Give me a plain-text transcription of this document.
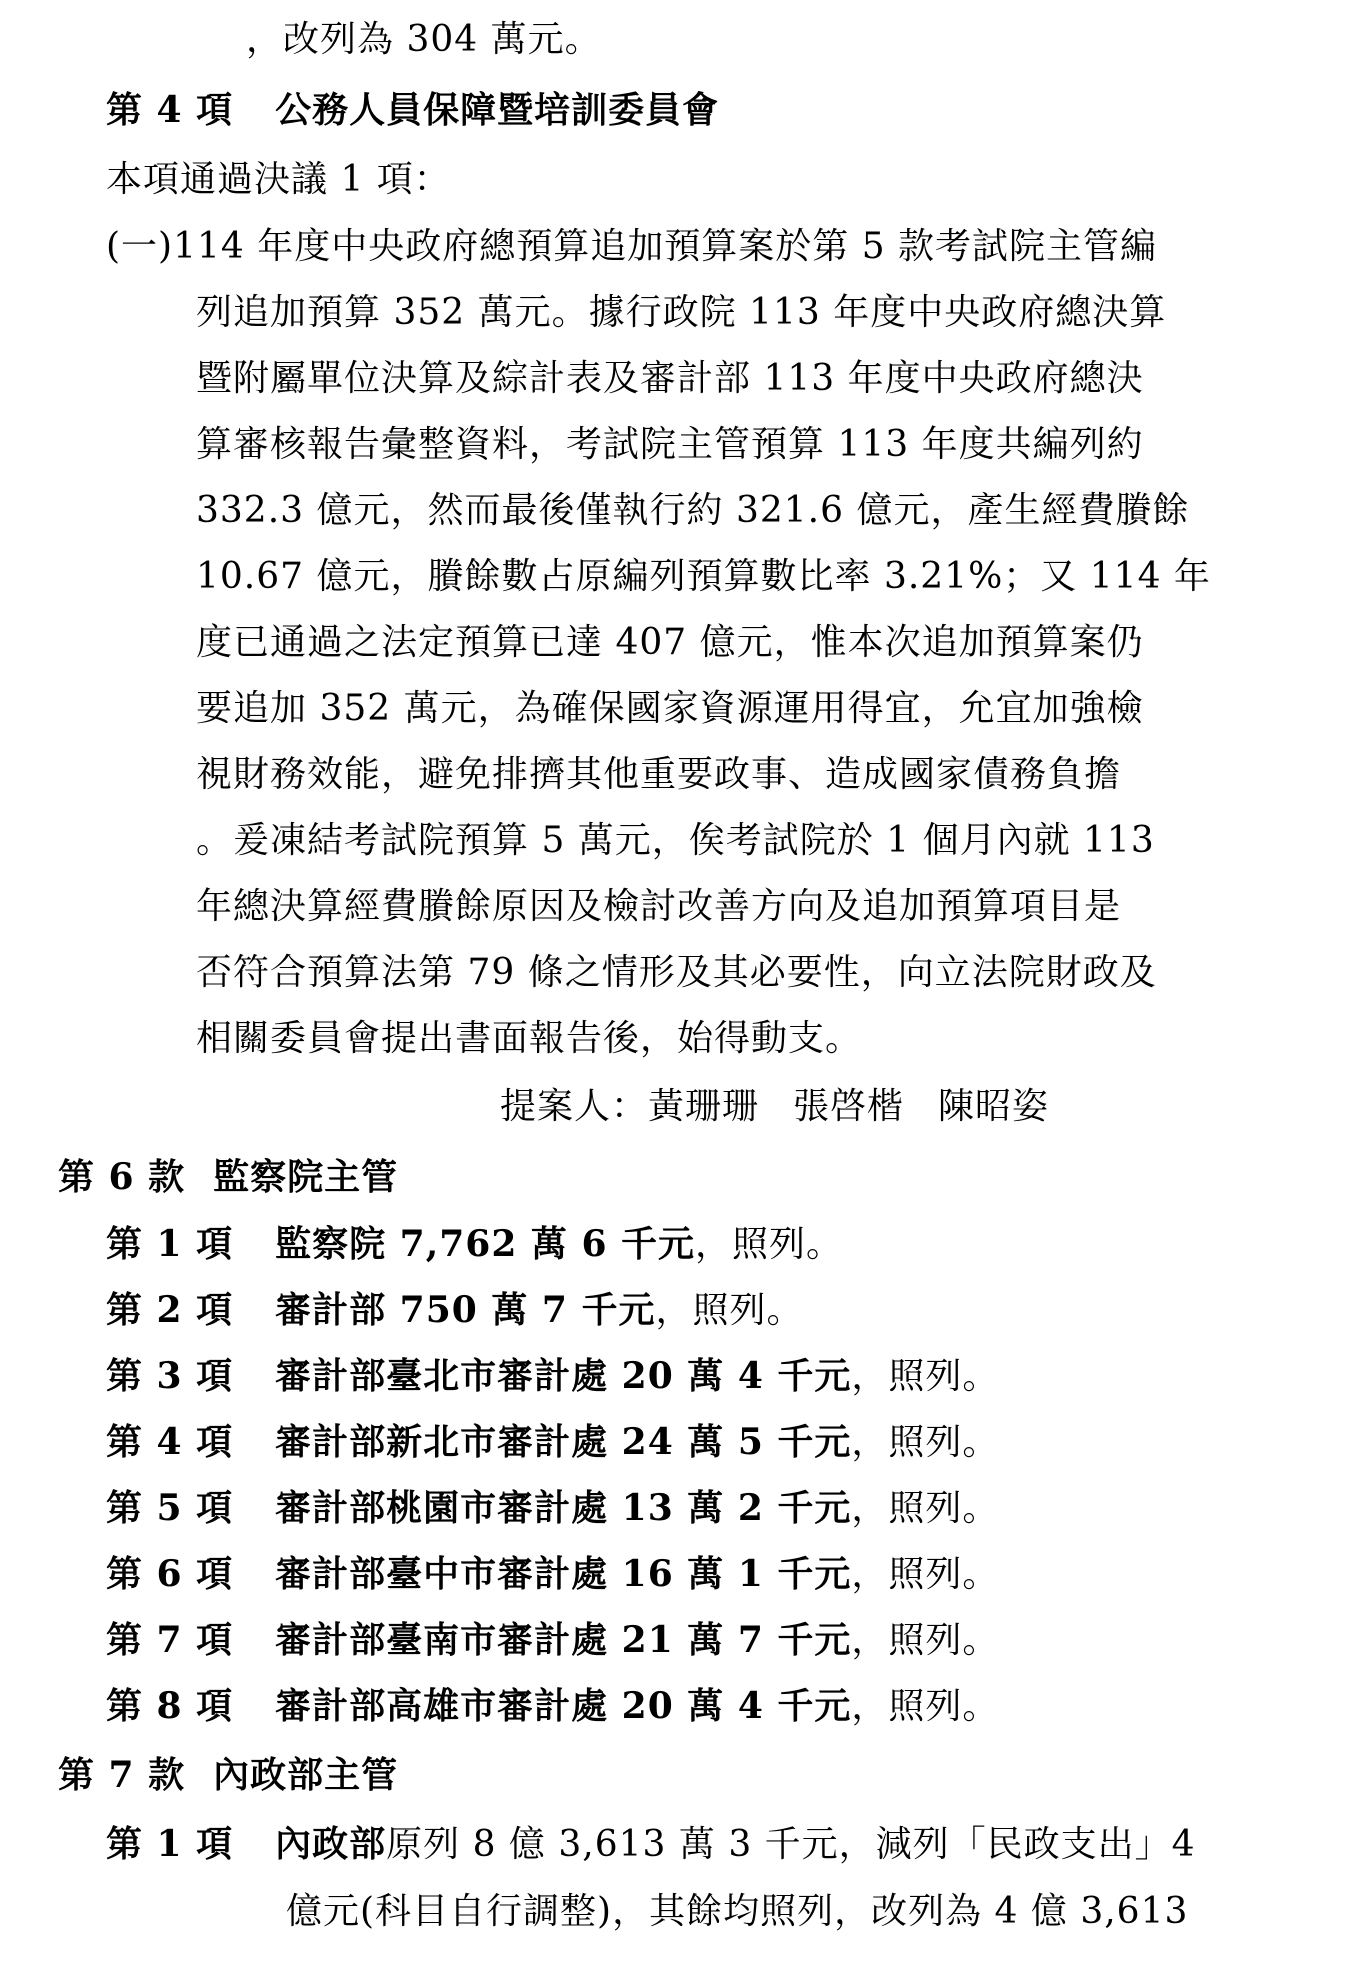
，改列為 304 萬元。
第 4 項 公務人員保障暨培訓委員會
本項通過決議 1 項：
(一)114 年度中央政府總預算追加預算案於第 5 款考試院主管編
列追加預算 352 萬元。據行政院 113 年度中央政府總決算
暨附屬單位決算及綜計表及審計部 113 年度中央政府總決
算審核報告彙整資料，考試院主管預算 113 年度共編列約
332.3 億元，然而最後僅執行約 321.6 億元，產生經費賸餘
10.67 億元，賸餘數占原編列預算數比率 3.21%；又 114 年
度已通過之法定預算已達 407 億元，惟本次追加預算案仍
要追加 352 萬元，為確保國家資源運用得宜，允宜加強檢
視財務效能，避免排擠其他重要政事、造成國家債務負擔
。爰凍結考試院預算 5 萬元，俟考試院於 1 個月內就 113
年總決算經費賸餘原因及檢討改善方向及追加預算項目是
否符合預算法第 79 條之情形及其必要性，向立法院財政及
相關委員會提出書面報告後，始得動支。
提案人：黃珊珊 張啓楷 陳昭姿
第 6 款 監察院主管
第 1 項 監察院 7,762 萬 6 千元，照列。
第 2 項 審計部 750 萬 7 千元，照列。
第 3 項 審計部臺北市審計處 20 萬 4 千元，照列。
第 4 項 審計部新北市審計處 24 萬 5 千元，照列。
第 5 項 審計部桃園市審計處 13 萬 2 千元，照列。
第 6 項 審計部臺中市審計處 16 萬 1 千元，照列。
第 7 項 審計部臺南市審計處 21 萬 7 千元，照列。
第 8 項 審計部高雄市審計處 20 萬 4 千元，照列。
第 7 款 內政部主管
第 1 項 內政部原列 8 億 3,613 萬 3 千元，減列「民政支出」4
億元(科目自行調整)，其餘均照列，改列為 4 億 3,613
